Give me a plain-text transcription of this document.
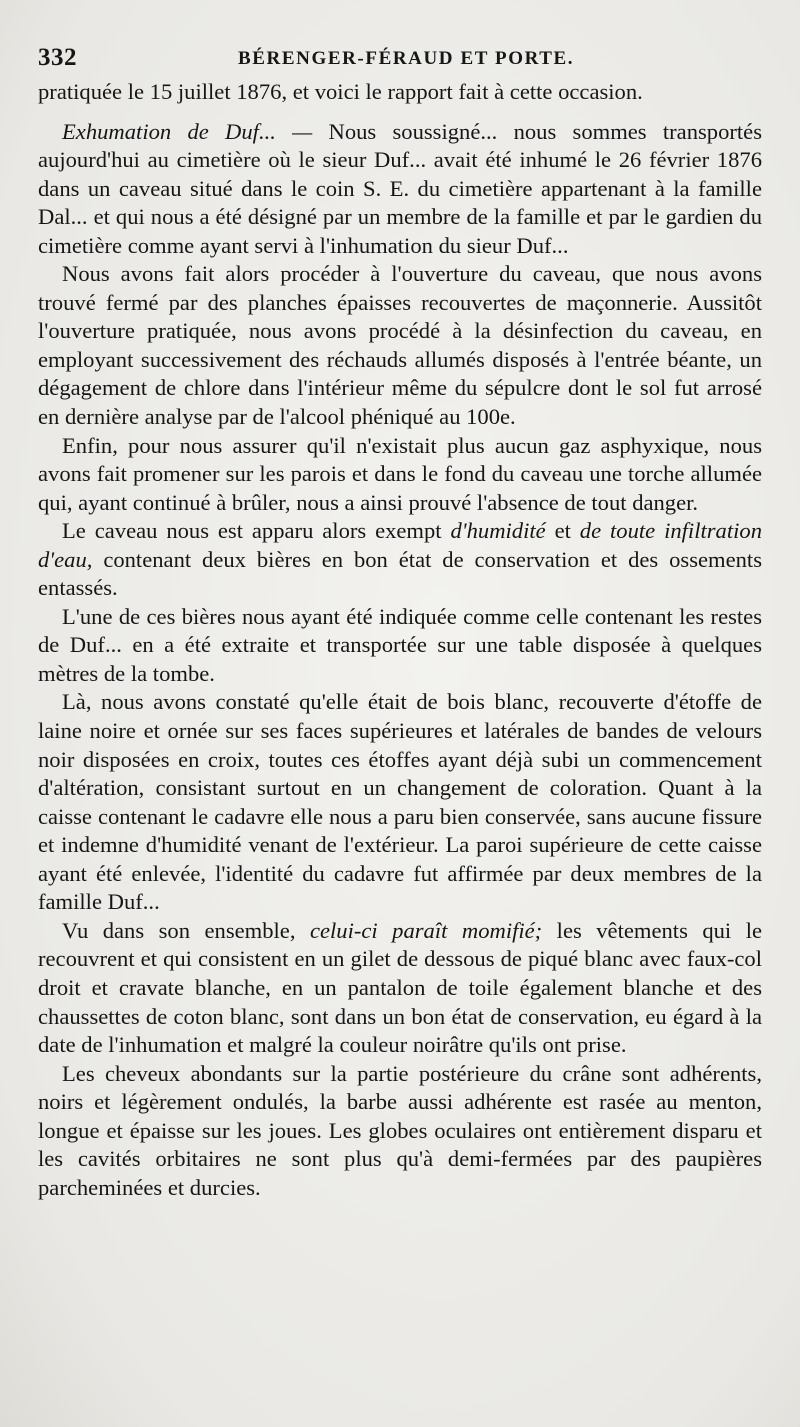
332	BÉRENGER-FÉRAUD ET PORTE.

pratiquée le 15 juillet 1876, et voici le rapport fait à cette occasion.

Exhumation de Duf... — Nous soussigné... nous sommes transportés aujourd'hui au cimetière où le sieur Duf... avait été inhumé le 26 février 1876 dans un caveau situé dans le coin S. E. du cimetière appartenant à la famille Dal... et qui nous a été désigné par un membre de la famille et par le gardien du cimetière comme ayant servi à l'inhumation du sieur Duf...

Nous avons fait alors procéder à l'ouverture du caveau, que nous avons trouvé fermé par des planches épaisses recouvertes de maçonnerie. Aussitôt l'ouverture pratiquée, nous avons procédé à la désinfection du caveau, en employant successivement des réchauds allumés disposés à l'entrée béante, un dégagement de chlore dans l'intérieur même du sépulcre dont le sol fut arrosé en dernière analyse par de l'alcool phéniqué au 100e.

Enfin, pour nous assurer qu'il n'existait plus aucun gaz asphyxique, nous avons fait promener sur les parois et dans le fond du caveau une torche allumée qui, ayant continué à brûler, nous a ainsi prouvé l'absence de tout danger.

Le caveau nous est apparu alors exempt d'humidité et de toute infiltration d'eau, contenant deux bières en bon état de conservation et des ossements entassés.

L'une de ces bières nous ayant été indiquée comme celle contenant les restes de Duf... en a été extraite et transportée sur une table disposée à quelques mètres de la tombe.

Là, nous avons constaté qu'elle était de bois blanc, recouverte d'étoffe de laine noire et ornée sur ses faces supérieures et latérales de bandes de velours noir disposées en croix, toutes ces étoffes ayant déjà subi un commencement d'altération, consistant surtout en un changement de coloration. Quant à la caisse contenant le cadavre elle nous a paru bien conservée, sans aucune fissure et indemne d'humidité venant de l'extérieur. La paroi supérieure de cette caisse ayant été enlevée, l'identité du cadavre fut affirmée par deux membres de la famille Duf...

Vu dans son ensemble, celui-ci paraît momifié; les vêtements qui le recouvrent et qui consistent en un gilet de dessous de piqué blanc avec faux-col droit et cravate blanche, en un pantalon de toile également blanche et des chaussettes de coton blanc, sont dans un bon état de conservation, eu égard à la date de l'inhumation et malgré la couleur noirâtre qu'ils ont prise.

Les cheveux abondants sur la partie postérieure du crâne sont adhérents, noirs et légèrement ondulés, la barbe aussi adhérente est rasée au menton, longue et épaisse sur les joues. Les globes oculaires ont entièrement disparu et les cavités orbitaires ne sont plus qu'à demi-fermées par des paupières parcheminées et durcies.
